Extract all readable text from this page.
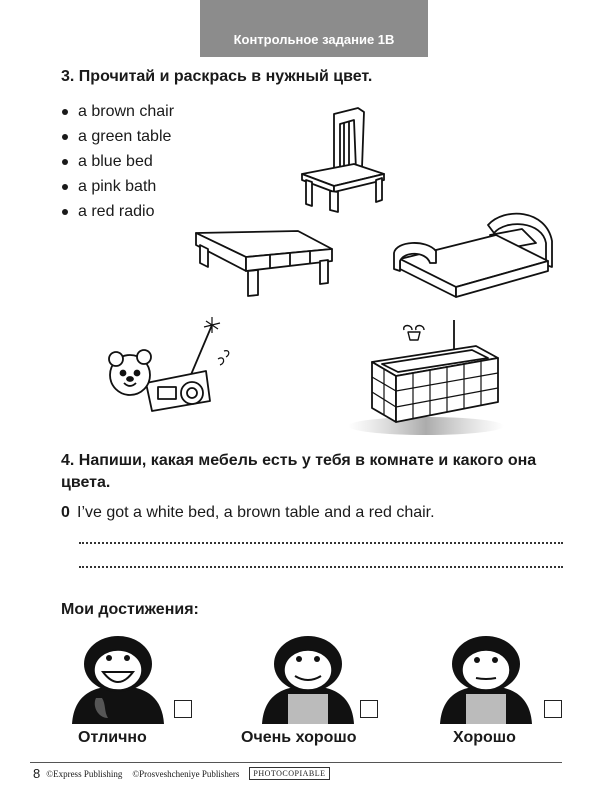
Контрольное задание 1B
3. Прочитай и раскрась в нужный цвет.
a brown chair
a green table
a blue bed
a pink bath
a red radio
4. Напиши, какая мебель есть у тебя в комнате и какого она цвета.
0 I’ve got a white bed, a brown table and a red chair.
Мои достижения:
Отлично	Очень хорошо	Хорошо
8 ©Express Publishing ©Prosveshcheniye Publishers	PHOTOCOPIABLE
